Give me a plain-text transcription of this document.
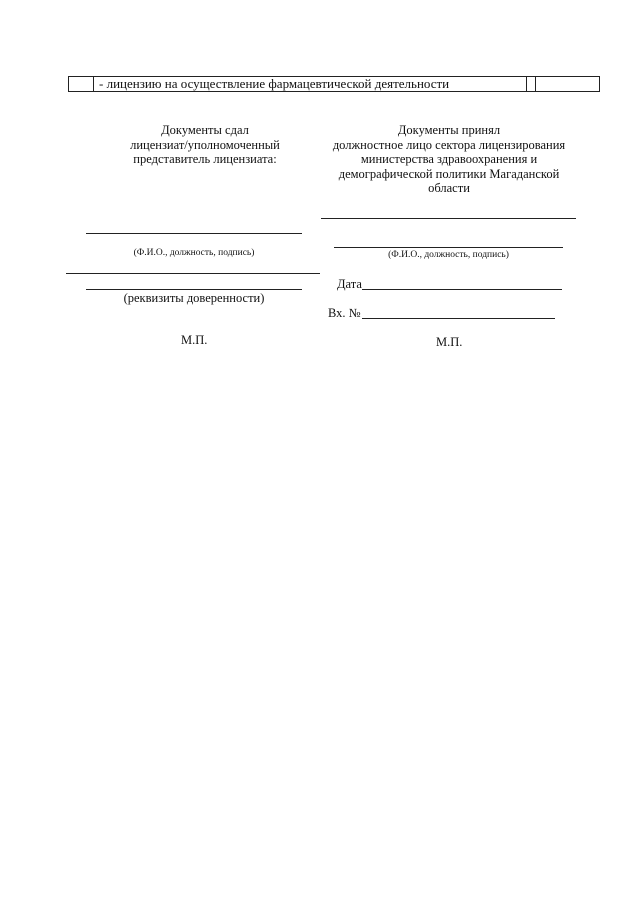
- лицензию на осуществление фармацевтической деятельности
Документы сдал
лицензиат/уполномоченный
представитель лицензиата:
Документы принял
должностное лицо сектора лицензирования
министерства здравоохранения и
демографической политики Магаданской
области
(Ф.И.О., должность, подпись)	(Ф.И.О., должность, подпись)
(реквизиты доверенности)
Дата
Вх. №
М.П.	М.П.
